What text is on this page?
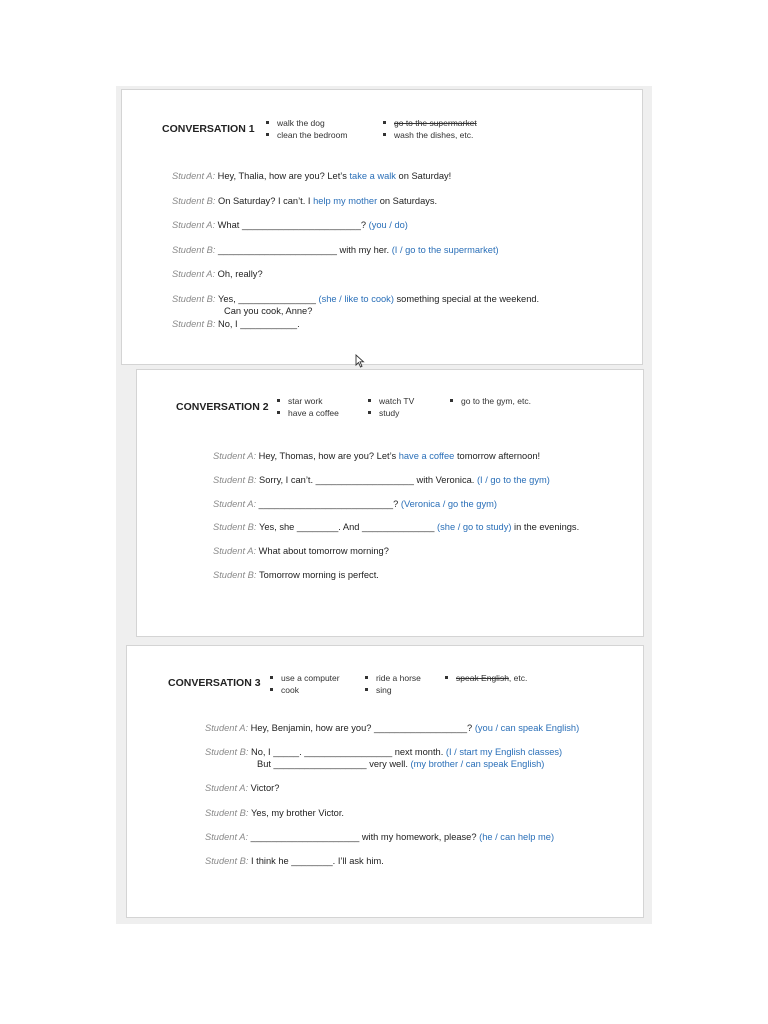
CONVERSATION 1	walk the dog
clean the bedroom
go to the supermarket
wash the dishes, etc.
Student A: Hey, Thalia, how are you? Let’s take a walk on Saturday!
Student B: On Saturday? I can’t. I help my mother on Saturdays.
Student A: What _______________________? (you / do)
Student B: _______________________ with my her. (I / go to the supermarket)
Student A: Oh, really?
Student B: Yes, _______________ (she / like to cook) something special at the weekend.
Can you cook, Anne?
Student B: No, I ___________.
CONVERSATION 2	star work
have a coffee
watch TV
study
go to the gym, etc.
Student A: Hey, Thomas, how are you? Let’s have a coffee tomorrow afternoon!
Student B: Sorry, I can’t. ___________________ with Veronica. (I / go to the gym)
Student A: __________________________? (Veronica / go the gym)
Student B: Yes, she ________. And ______________ (she / go to study) in the evenings.
Student A: What about tomorrow morning?
Student B: Tomorrow morning is perfect.
CONVERSATION 3	use a computer
cook
ride a horse
sing
speak English, etc.
Student A: Hey, Benjamin, how are you? __________________? (you / can speak English)
Student B: No, I _____. _________________ next month. (I / start my English classes)
But __________________ very well. (my brother / can speak English)
Student A: Victor?
Student B: Yes, my brother Victor.
Student A: _____________________ with my homework, please? (he / can help me)
Student B: I think he ________. I’ll ask him.
